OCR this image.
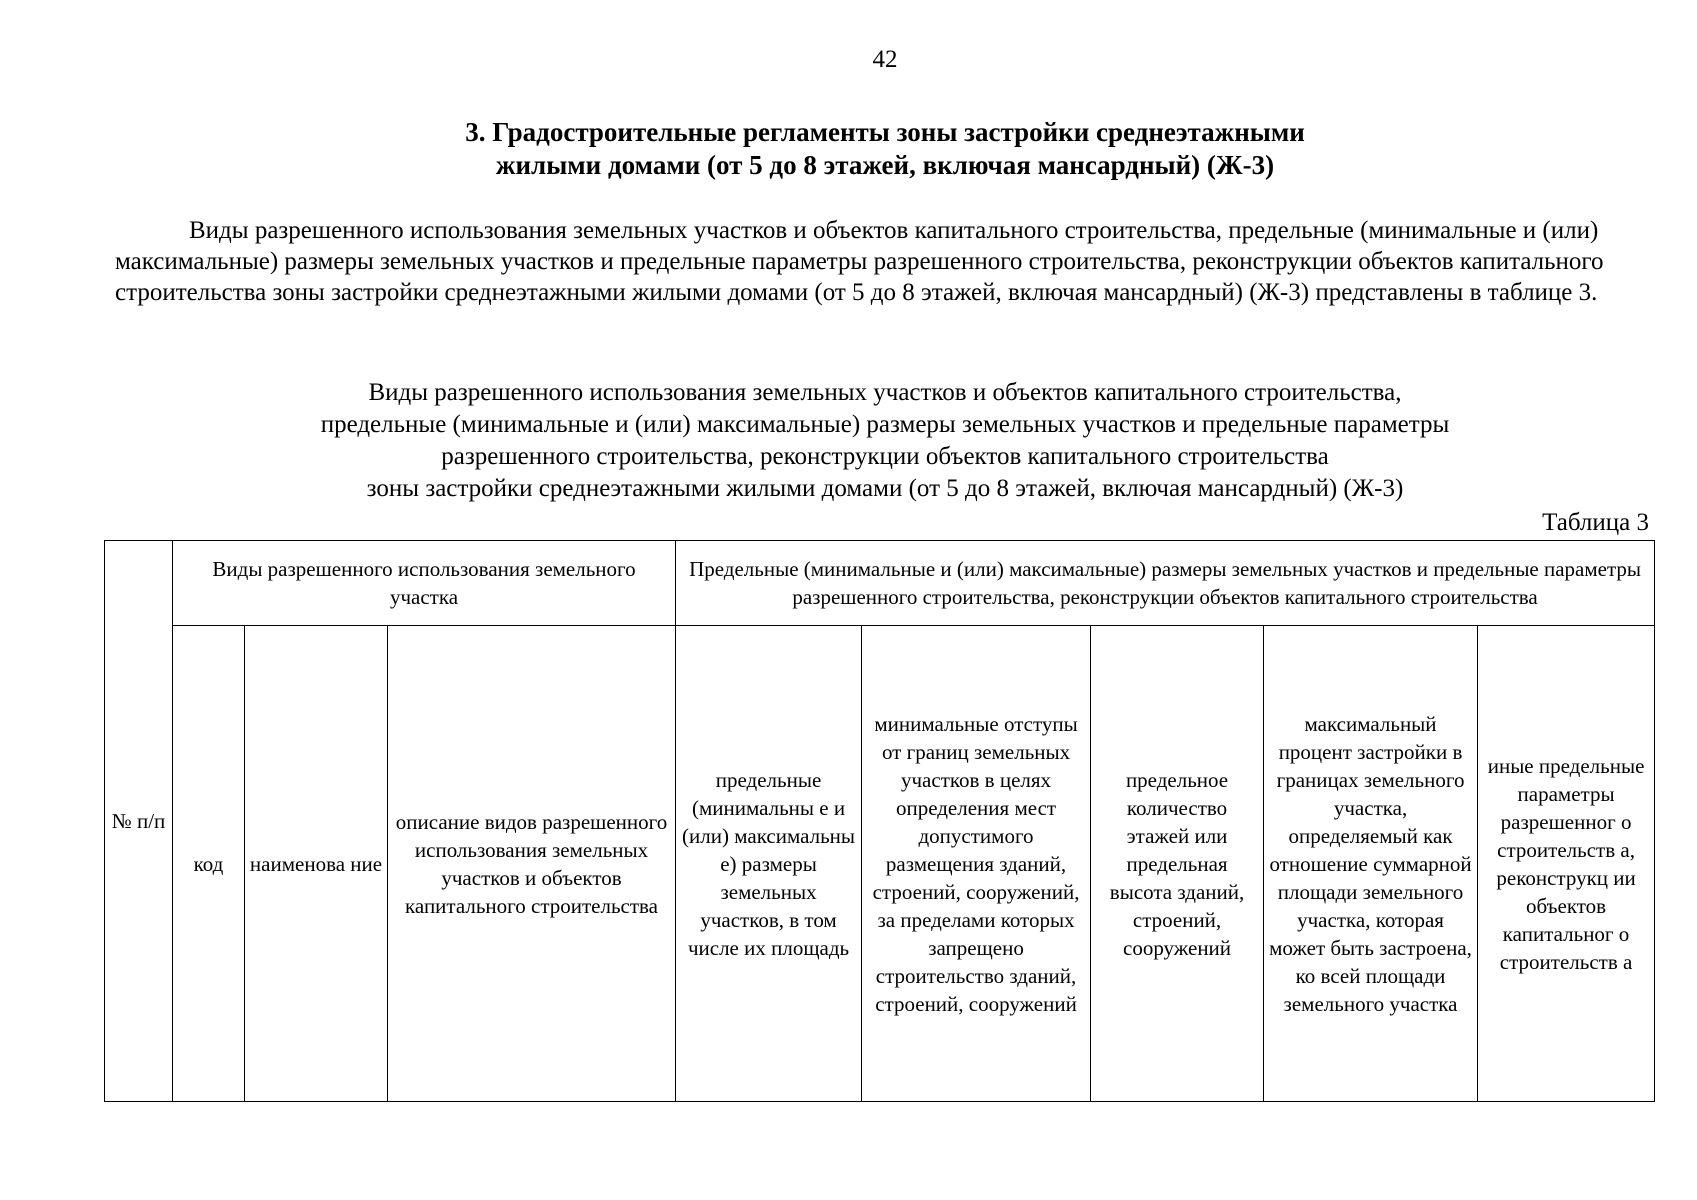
42
3. Градостроительные регламенты зоны застройки среднеэтажными
жилыми домами (от 5 до 8 этажей, включая мансардный) (Ж-3)
Виды разрешенного использования земельных участков и объектов капитального строительства, предельные (минимальные и (или) максимальные) размеры земельных участков и предельные параметры разрешенного строительства, реконструкции объектов капитального строительства зоны застройки среднеэтажными жилыми домами (от 5 до 8 этажей, включая мансардный) (Ж-3) представлены в таблице 3.
Виды разрешенного использования земельных участков и объектов капитального строительства,
предельные (минимальные и (или) максимальные) размеры земельных участков и предельные параметры
разрешенного строительства, реконструкции объектов капитального строительства
зоны застройки среднеэтажными жилыми домами (от 5 до 8 этажей, включая мансардный) (Ж-3)
Таблица 3
№ п/п	Виды разрешенного использования земельного участка			Предельные (минимальные и (или) максимальные) размеры земельных участков и предельные параметры разрешенного строительства, реконструкции объектов капитального строительства				
	код	наименова ние	описание видов разрешенного использования земельных участков и объектов капитального строительства	предельные (минимальны е и (или) максимальны е) размеры земельных участков, в том числе их площадь	минимальные отступы от границ земельных участков в целях определения мест допустимого размещения зданий, строений, сооружений, за пределами которых запрещено строительство зданий, строений, сооружений	предельное количество этажей или предельная высота зданий, строений, сооружений	максимальный процент застройки в границах земельного участка, определяемый как отношение суммарной площади земельного участка, которая может быть застроена, ко всей площади земельного участка	иные предельные параметры разрешенног о строительств а, реконструкц ии объектов капитальног о строительств а
